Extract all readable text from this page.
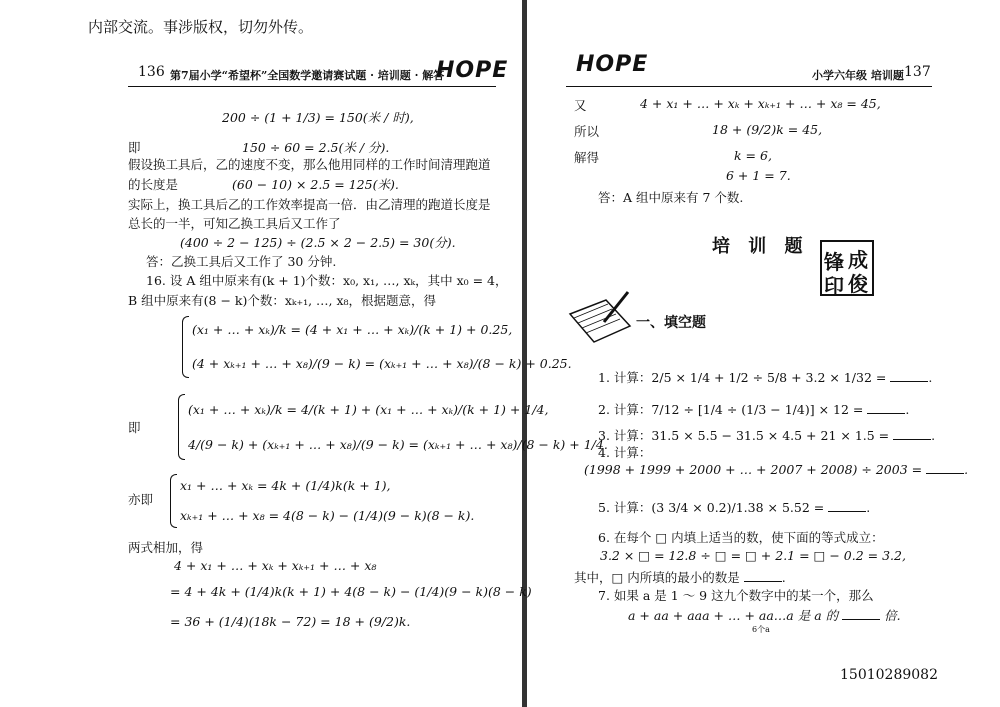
内部交流。事涉版权，切勿外传。
136 第7届小学“希望杯”全国数学邀请赛试题 · 培训题 · 解答
HOPE
200 ÷ (1 + 1/3) = 150(米 / 时),
即	150 ÷ 60 = 2.5(米 / 分).
假设换工具后，乙的速度不变，那么他用同样的工作时间清理跑道
的长度是	(60 − 10) × 2.5 = 125(米).
实际上，换工具后乙的工作效率提高一倍．由乙清理的跑道长度是
总长的一半，可知乙换工具后又工作了
(400 ÷ 2 − 125) ÷ (2.5 × 2 − 2.5) = 30(分).
答：乙换工具后又工作了 30 分钟.
16. 设 A 组中原来有(k + 1)个数：x₀, x₁, …, xₖ，其中 x₀ = 4，
B 组中原来有(8 − k)个数：xₖ₊₁, …, x₈，根据题意，得
(x₁ + … + xₖ)/k = (4 + x₁ + … + xₖ)/(k + 1) + 0.25,
(4 + xₖ₊₁ + … + x₈)/(9 − k) = (xₖ₊₁ + … + x₈)/(8 − k) + 0.25.
即
(x₁ + … + xₖ)/k = 4/(k + 1) + (x₁ + … + xₖ)/(k + 1) + 1/4,
4/(9 − k) + (xₖ₊₁ + … + x₈)/(9 − k) = (xₖ₊₁ + … + x₈)/(8 − k) + 1/4.
亦即
x₁ + … + xₖ = 4k + (1/4)k(k + 1),
xₖ₊₁ + … + x₈ = 4(8 − k) − (1/4)(9 − k)(8 − k).
两式相加，得
4 + x₁ + … + xₖ + xₖ₊₁ + … + x₈
= 4 + 4k + (1/4)k(k + 1) + 4(8 − k) − (1/4)(9 − k)(8 − k)
= 36 + (1/4)(18k − 72) = 18 + (9/2)k.
HOPE	小学六年级 培训题 137
又	4 + x₁ + … + xₖ + xₖ₊₁ + … + x₈ = 45,
所以	18 + (9/2)k = 45,
解得	k = 6,
6 + 1 = 7.
答：A 组中原来有 7 个数.
培 训 题
成
锋
俊
印
一、填空题
1. 计算：2/5 × 1/4 + 1/2 ÷ 5/8 + 3.2 × 1/32 =	.
2. 计算：7/12 ÷ [1/4 ÷ (1/3 − 1/4)] × 12 =	.
3. 计算：31.5 × 5.5 − 31.5 × 4.5 + 21 × 1.5 =	.
4. 计算：
(1998 + 1999 + 2000 + … + 2007 + 2008) ÷ 2003 =	.
5. 计算：(3 3/4 × 0.2)/1.38 × 5.52 =	.
6. 在每个 □ 内填上适当的数，使下面的等式成立：
3.2 × □ = 12.8 ÷ □ = □ + 2.1 = □ − 0.2 = 3.2,
其中，□ 内所填的最小的数是	.
7. 如果 a 是 1 ～ 9 这九个数字中的某一个，那么
a + aa + aaa + … + aa…a 是 a 的	倍.
6个a
15010289082
